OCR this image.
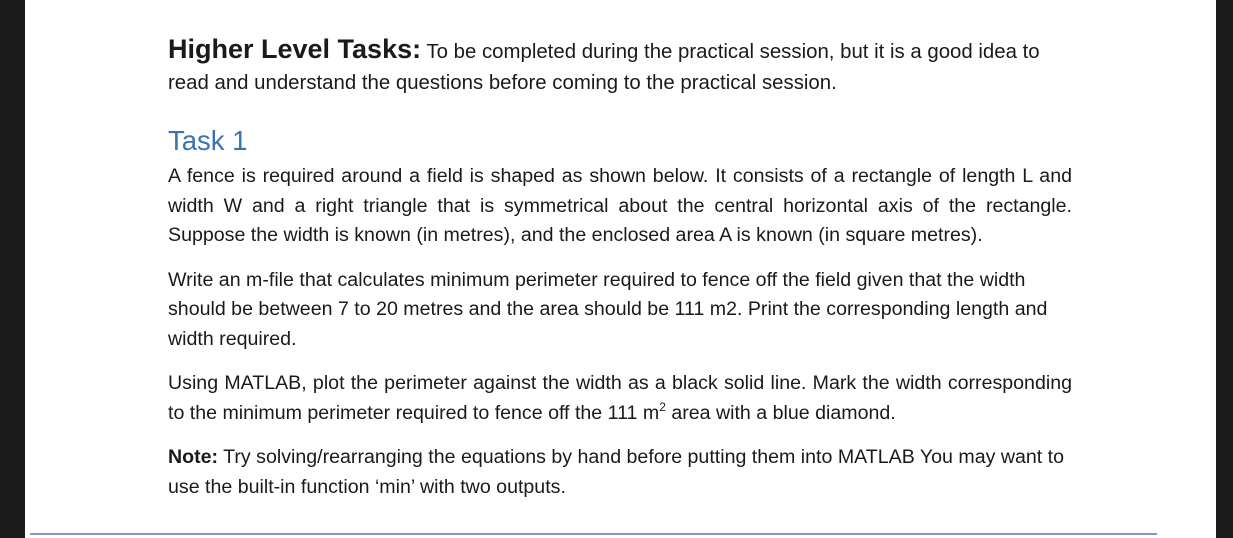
Higher Level Tasks: To be completed during the practical session, but it is a good idea to read and understand the questions before coming to the practical session.

Task 1

A fence is required around a field is shaped as shown below. It consists of a rectangle of length L and width W and a right triangle that is symmetrical about the central horizontal axis of the rectangle. Suppose the width is known (in metres), and the enclosed area A is known (in square metres).

Write an m-file that calculates minimum perimeter required to fence off the field given that the width should be between 7 to 20 metres and the area should be 111 m2. Print the corresponding length and width required.

Using MATLAB, plot the perimeter against the width as a black solid line. Mark the width corresponding to the minimum perimeter required to fence off the 111 $m^2$ area with a blue diamond.

Note: Try solving/rearranging the equations by hand before putting them into MATLAB You may want to use the built-in function ‘min’ with two outputs.
